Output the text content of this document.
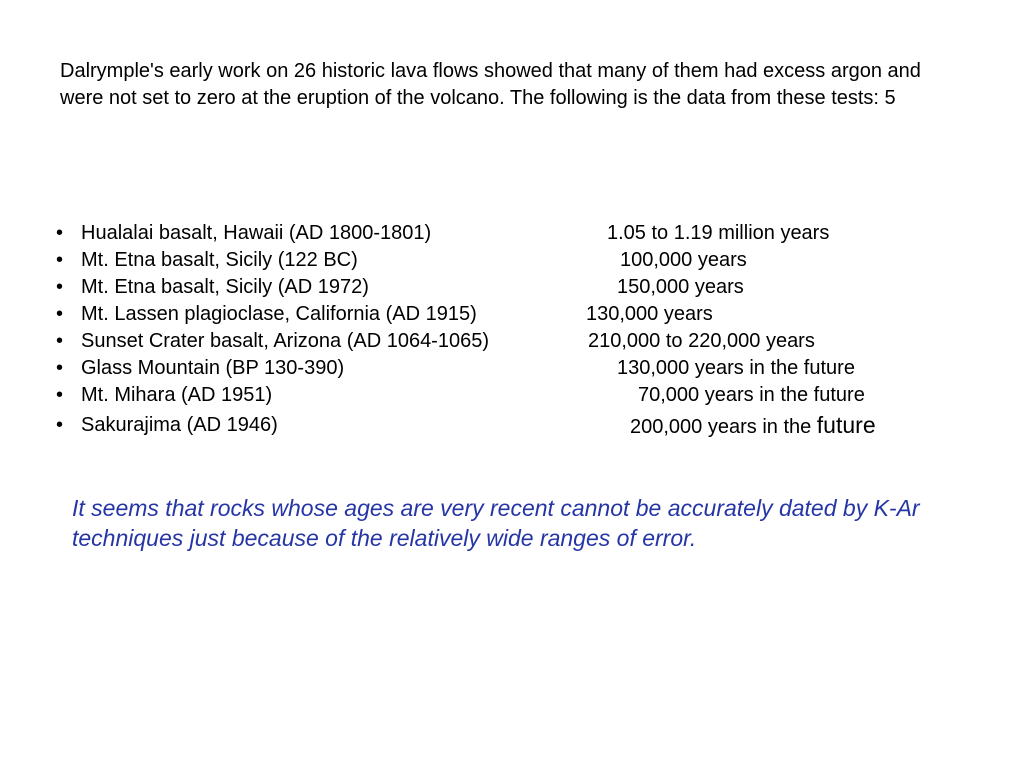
Dalrymple's early work on 26 historic lava flows showed that many of them had excess argon and were not set to zero at the eruption of the volcano. The following is the data from these tests: 5

• Hualalai basalt, Hawaii (AD 1800-1801)	1.05 to 1.19 million years
• Mt. Etna basalt, Sicily (122 BC)	100,000 years
• Mt. Etna basalt, Sicily (AD 1972)	150,000 years
• Mt. Lassen plagioclase, California (AD 1915)	130,000 years
• Sunset Crater basalt, Arizona (AD 1064-1065)	210,000 to 220,000 years
• Glass Mountain (BP 130-390)	130,000 years in the future
• Mt. Mihara (AD 1951)	70,000 years in the future
• Sakurajima (AD 1946)	200,000 years in the future

It seems that rocks whose ages are very recent cannot be accurately dated by K-Ar techniques just because of the relatively wide ranges of error.
